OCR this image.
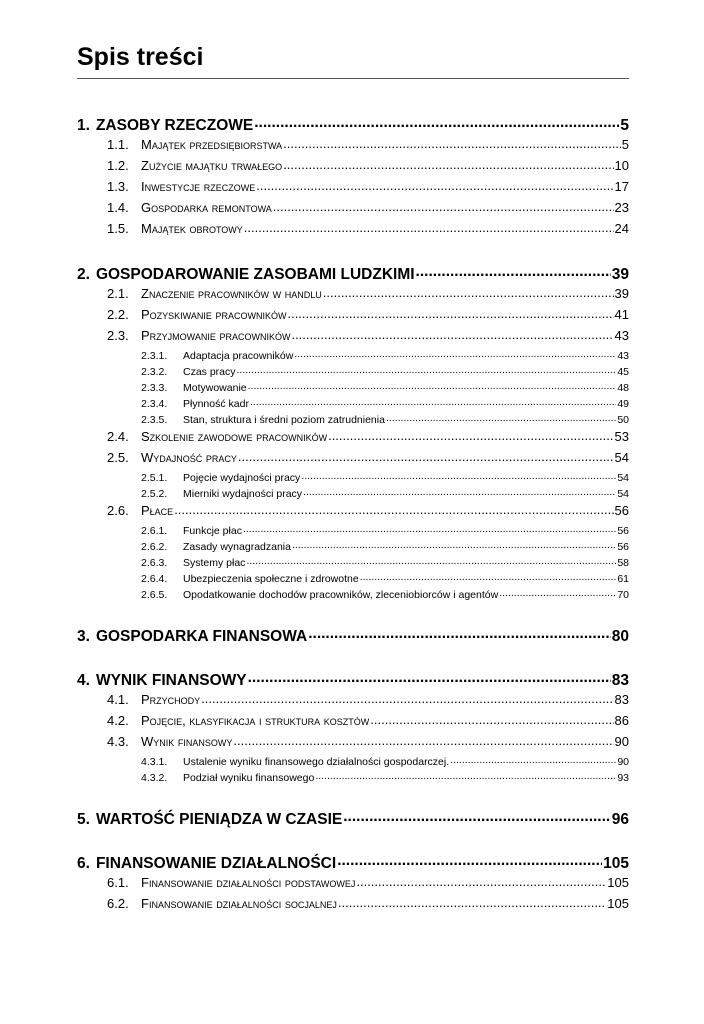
Spis treści
1. ZASOBY RZECZOWE .....	5
1.1. Majątek przedsiębiorstwa .....	5
1.2. Zużycie majątku trwałego .....	10
1.3. Inwestycje rzeczowe .....	17
1.4. Gospodarka remontowa .....	23
1.5. Majątek obrotowy .....	24
2. GOSPODAROWANIE ZASOBAMI LUDZKIMI .....	39
2.1. Znaczenie pracowników w handlu .....	39
2.2. Pozyskiwanie pracowników .....	41
2.3. Przyjmowanie pracowników .....	43
2.3.1.	Adaptacja pracowników .....	43
2.3.2.	Czas pracy .....	45
2.3.3.	Motywowanie .....	48
2.3.4.	Płynność kadr .....	49
2.3.5.	Stan, struktura i średni poziom zatrudnienia .....	50
2.4. Szkolenie zawodowe pracowników .....	53
2.5. Wydajność pracy .....	54
2.5.1.	Pojęcie wydajności pracy .....	54
2.5.2.	Mierniki wydajności pracy .....	54
2.6. Płace .....	56
2.6.1.	Funkcje płac .....	56
2.6.2.	Zasady wynagradzania .....	56
2.6.3.	Systemy płac .....	58
2.6.4.	Ubezpieczenia społeczne i zdrowotne .....	61
2.6.5.	Opodatkowanie dochodów pracowników, zleceniobiorców i agentów .....	70
3. GOSPODARKA FINANSOWA .....	80
4. WYNIK FINANSOWY .....	83
4.1. Przychody .....	83
4.2. Pojęcie, klasyfikacja i struktura kosztów .....	86
4.3. Wynik finansowy .....	90
4.3.1.	Ustalenie wyniku finansowego działalności gospodarczej. .....	90
4.3.2.	Podział wyniku finansowego .....	93
5. WARTOŚĆ PIENIĄDZA W CZASIE .....	96
6. FINANSOWANIE DZIAŁALNOŚCI .....	105
6.1. Finansowanie działalności podstawowej .....	105
6.2. Finansowanie działalności socjalnej .....	105
